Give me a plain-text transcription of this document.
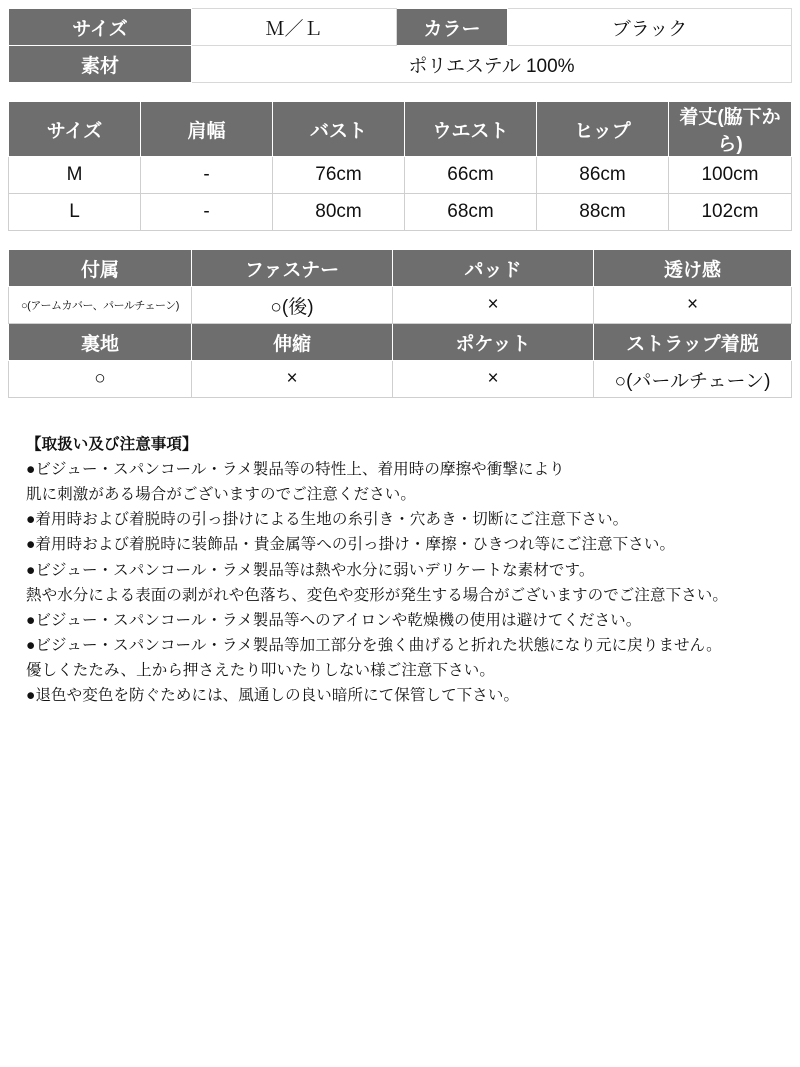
サイズ	Ｍ／Ｌ	カラー	ブラック
素材	ポリエステル 100%		
サイズ	肩幅	バスト	ウエスト	ヒップ	着丈(脇下から)
M	-	76cm	66cm	86cm	100cm
L	-	80cm	68cm	88cm	102cm
付属	ファスナー	パッド	透け感
○(アームカバー、パールチェーン)	○(後)	×	×
裏地	伸縮	ポケット	ストラップ着脱
○	×	×	○(パールチェーン)

【取扱い及び注意事項】

●ビジュー・スパンコール・ラメ製品等の特性上、着用時の摩擦や衝撃により

肌に刺激がある場合がございますのでご注意ください。

●着用時および着脱時の引っ掛けによる生地の糸引き・穴あき・切断にご注意下さい。

●着用時および着脱時に装飾品・貴金属等への引っ掛け・摩擦・ひきつれ等にご注意下さい。

●ビジュー・スパンコール・ラメ製品等は熱や水分に弱いデリケートな素材です。

熱や水分による表面の剥がれや色落ち、変色や変形が発生する場合がございますのでご注意下さい。

●ビジュー・スパンコール・ラメ製品等へのアイロンや乾燥機の使用は避けてください。

●ビジュー・スパンコール・ラメ製品等加工部分を強く曲げると折れた状態になり元に戻りません。

優しくたたみ、上から押さえたり叩いたりしない様ご注意下さい。

●退色や変色を防ぐためには、風通しの良い暗所にて保管して下さい。
